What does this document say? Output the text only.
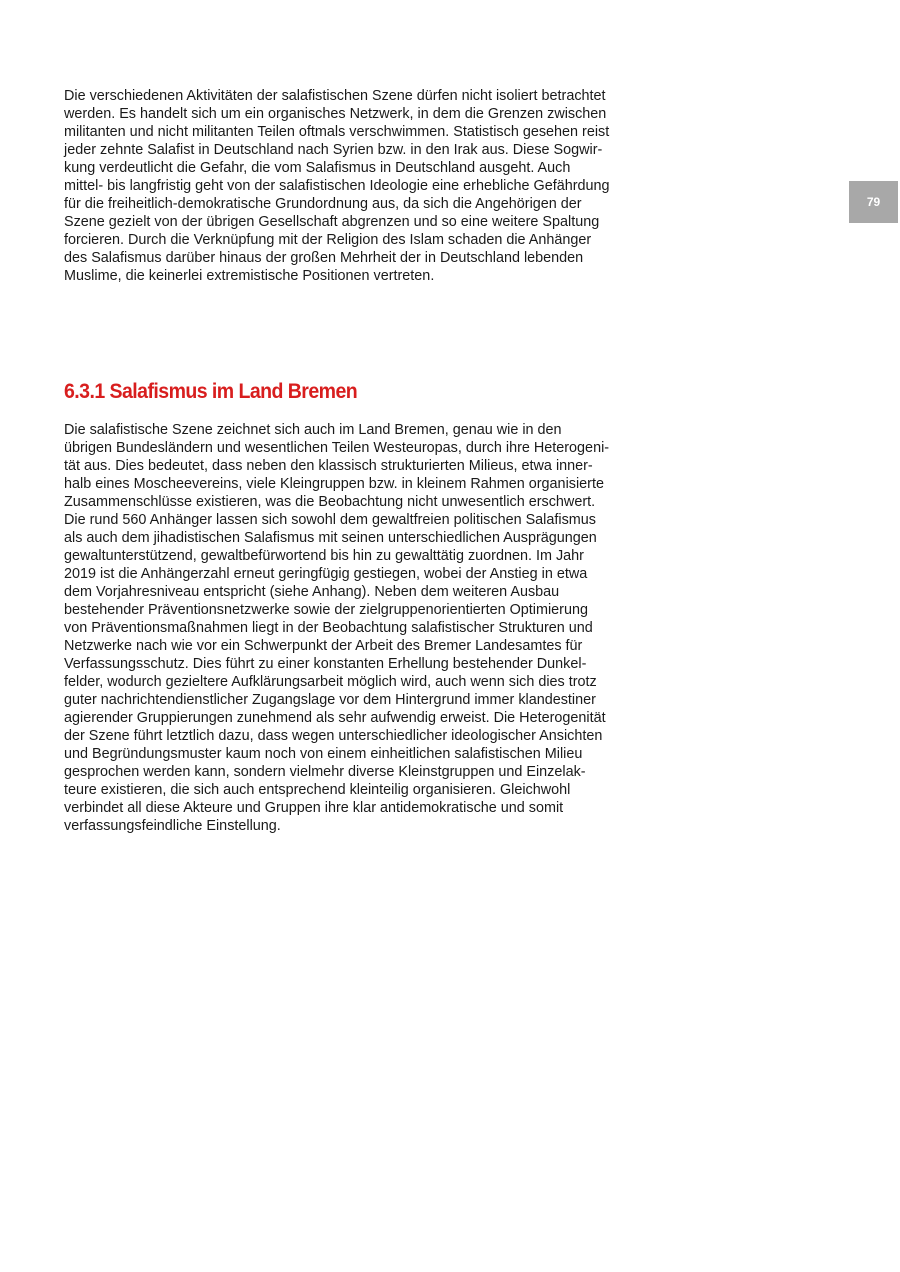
79
Die verschiedenen Aktivitäten der salafistischen Szene dürfen nicht isoliert betrachtet
werden. Es handelt sich um ein organisches Netzwerk, in dem die Grenzen zwischen
militanten und nicht militanten Teilen oftmals verschwimmen. Statistisch gesehen reist
jeder zehnte Salafist in Deutschland nach Syrien bzw. in den Irak aus. Diese Sogwir-
kung verdeutlicht die Gefahr, die vom Salafismus in Deutschland ausgeht. Auch
mittel- bis langfristig geht von der salafistischen Ideologie eine erhebliche Gefährdung
für die freiheitlich-demokratische Grundordnung aus, da sich die Angehörigen der
Szene gezielt von der übrigen Gesellschaft abgrenzen und so eine weitere Spaltung
forcieren. Durch die Verknüpfung mit der Religion des Islam schaden die Anhänger
des Salafismus darüber hinaus der großen Mehrheit der in Deutschland lebenden
Muslime, die keinerlei extremistische Positionen vertreten.
6.3.1 Salafismus im Land Bremen
Die salafistische Szene zeichnet sich auch im Land Bremen, genau wie in den
übrigen Bundesländern und wesentlichen Teilen Westeuropas, durch ihre Heterogeni-
tät aus. Dies bedeutet, dass neben den klassisch strukturierten Milieus, etwa inner-
halb eines Moscheevereins, viele Kleingruppen bzw. in kleinem Rahmen organisierte
Zusammenschlüsse existieren, was die Beobachtung nicht unwesentlich erschwert.
Die rund 560 Anhänger lassen sich sowohl dem gewaltfreien politischen Salafismus
als auch dem jihadistischen Salafismus mit seinen unterschiedlichen Ausprägungen
gewaltunterstützend, gewaltbefürwortend bis hin zu gewalttätig zuordnen. Im Jahr
2019 ist die Anhängerzahl erneut geringfügig gestiegen, wobei der Anstieg in etwa
dem Vorjahresniveau entspricht (siehe Anhang). Neben dem weiteren Ausbau
bestehender Präventionsnetzwerke sowie der zielgruppenorientierten Optimierung
von Präventionsmaßnahmen liegt in der Beobachtung salafistischer Strukturen und
Netzwerke nach wie vor ein Schwerpunkt der Arbeit des Bremer Landesamtes für
Verfassungsschutz. Dies führt zu einer konstanten Erhellung bestehender Dunkel-
felder, wodurch gezieltere Aufklärungsarbeit möglich wird, auch wenn sich dies trotz
guter nachrichtendienstlicher Zugangslage vor dem Hintergrund immer klandestiner
agierender Gruppierungen zunehmend als sehr aufwendig erweist. Die Heterogenität
der Szene führt letztlich dazu, dass wegen unterschiedlicher ideologischer Ansichten
und Begründungsmuster kaum noch von einem einheitlichen salafistischen Milieu
gesprochen werden kann, sondern vielmehr diverse Kleinstgruppen und Einzelak-
teure existieren, die sich auch entsprechend kleinteilig organisieren. Gleichwohl
verbindet all diese Akteure und Gruppen ihre klar antidemokratische und somit
verfassungsfeindliche Einstellung.
